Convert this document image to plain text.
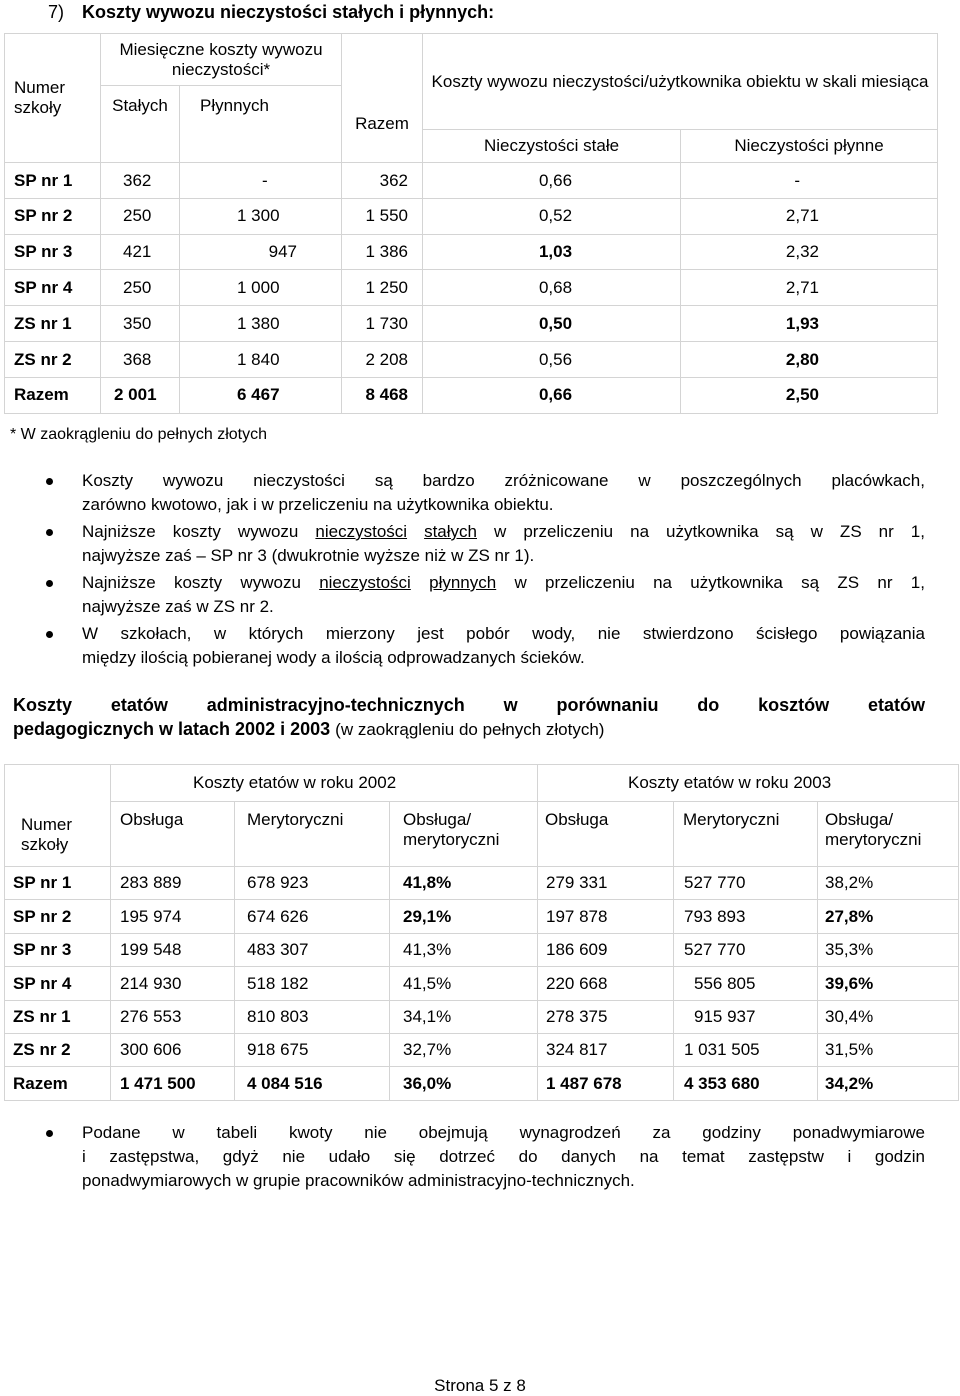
7) Koszty wywozu nieczystości stałych i płynnych:
Numer szkoły	Miesięczne koszty wywozu nieczystości*			Koszty wywozu nieczystości/użytkownika obiektu w skali miesiąca	
	Stałych	Płynnych	Razem		
				Nieczystości stałe	Nieczystości płynne
SP nr 1	362	-	362	0,66	-
SP nr 2	250	1 300	1 550	0,52	2,71
SP nr 3	421	947	1 386	1,03	2,32
SP nr 4	250	1 000	1 250	0,68	2,71
ZS nr 1	350	1 380	1 730	0,50	1,93
ZS nr 2	368	1 840	2 208	0,56	2,80
Razem	2 001	6 467	8 468	0,66	2,50
* W zaokrągleniu do pełnych złotych
Koszty wywozu nieczystości są bardzo zróżnicowane w poszczególnych placówkach,
zarówno kwotowo, jak i w przeliczeniu na użytkownika obiektu.
Najniższe koszty wywozu nieczystości stałych w przeliczeniu na użytkownika są w ZS nr 1,
najwyższe zaś – SP nr 3 (dwukrotnie wyższe niż w ZS nr 1).
Najniższe koszty wywozu nieczystości płynnych w przeliczeniu na użytkownika są ZS nr 1,
najwyższe zaś w ZS nr 2.
W szkołach, w których mierzony jest pobór wody, nie stwierdzono ścisłego powiązania
między ilością pobieranej wody a ilością odprowadzanych ścieków.
Koszty etatów administracyjno-technicznych w porównaniu do kosztów etatów
pedagogicznych w latach 2002 i 2003 (w zaokrągleniu do pełnych złotych)
Numer szkoły	Koszty etatów w roku 2002			Koszty etatów w roku 2003		
	Obsługa	Merytoryczni	Obsługa/ merytoryczni	Obsługa	Merytoryczni	Obsługa/ merytoryczni
SP nr 1	283 889	678 923	41,8%	279 331	527 770	38,2%
SP nr 2	195 974	674 626	29,1%	197 878	793 893	27,8%
SP nr 3	199 548	483 307	41,3%	186 609	527 770	35,3%
SP nr 4	214 930	518 182	41,5%	220 668	556 805	39,6%
ZS nr 1	276 553	810 803	34,1%	278 375	915 937	30,4%
ZS nr 2	300 606	918 675	32,7%	324 817	1 031 505	31,5%
Razem	1 471 500	4 084 516	36,0%	1 487 678	4 353 680	34,2%
Podane w tabeli kwoty nie obejmują wynagrodzeń za godziny ponadwymiarowe
i zastępstwa, gdyż nie udało się dotrzeć do danych na temat zastępstw i godzin
ponadwymiarowych w grupie pracowników administracyjno-technicznych.
Strona 5 z 8
